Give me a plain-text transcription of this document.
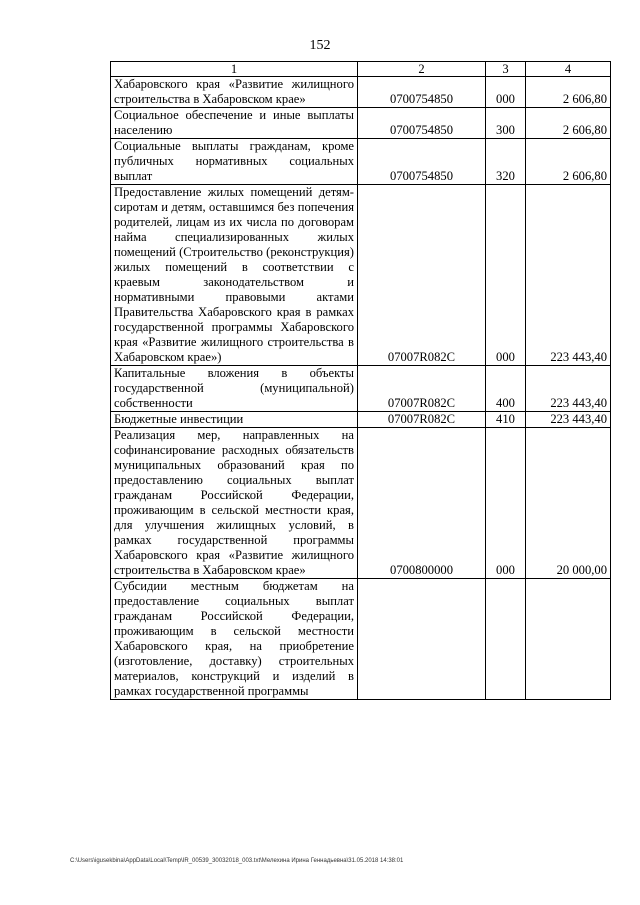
152
1	2	3	4
Хабаровского края «Развитие жилищного строительства в Хабаровском крае»	0700754850	000	2 606,80
Социальное обеспечение и иные выплаты населению	0700754850	300	2 606,80
Социальные выплаты гражданам, кроме публичных нормативных социальных выплат	0700754850	320	2 606,80
Предоставление жилых помещений детям-сиротам и детям, оставшимся без попечения родителей, лицам из их числа по договорам найма специализированных жилых помещений (Строительство (реконструкция) жилых помещений в соответствии с краевым законодательством и нормативными правовыми актами Правительства Хабаровского края в рамках государственной программы Хабаровского края «Развитие жилищного строительства в Хабаровском крае»)	07007R082C	000	223 443,40
Капитальные вложения в объекты государственной (муниципальной) собственности	07007R082C	400	223 443,40
Бюджетные инвестиции	07007R082C	410	223 443,40
Реализация мер, направленных на софинансирование расходных обязательств муниципальных образований края по предоставлению социальных выплат гражданам Российской Федерации, проживающим в сельской местности края, для улучшения жилищных условий, в рамках государственной программы Хабаровского края «Развитие жилищного строительства в Хабаровском крае»	0700800000	000	20 000,00
Субсидии местным бюджетам на предоставление социальных выплат гражданам Российской Федерации, проживающим в сельской местности Хабаровского края, на приобретение (изготовление, доставку) строительных материалов, конструкций и изделий в рамках государственной программы			
C:\Users\igusekbina\AppData\Local\Temp\IR_00539_30032018_003.txt\Мелехина Ирина Геннадьевна\31.05.2018 14:38:01
